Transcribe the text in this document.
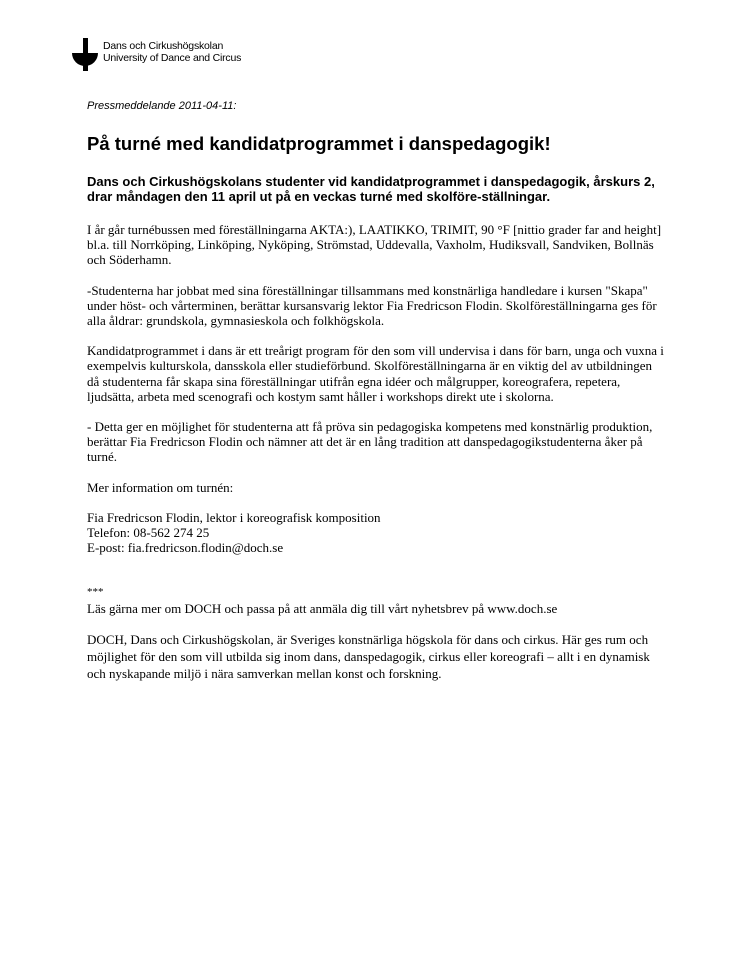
Dans och Cirkushögskolan
University of Dance and Circus

Pressmeddelande 2011-04-11:

På turné med kandidatprogrammet i danspedagogik!

Dans och Cirkushögskolans studenter vid kandidatprogrammet i danspedagogik, årskurs 2, drar måndagen den 11 april ut på en veckas turné med skolföre-ställningar.

I år går turnébussen med föreställningarna AKTA:), LAATIKKO, TRIMIT, 90 °F [nittio grader far and height] bl.a. till Norrköping, Linköping, Nyköping, Strömstad, Uddevalla, Vaxholm, Hudiksvall, Sandviken, Bollnäs och Söderhamn.

-Studenterna har jobbat med sina föreställningar tillsammans med konstnärliga handledare i kursen "Skapa" under höst- och vårterminen, berättar kursansvarig lektor Fia Fredricson Flodin. Skolföreställningarna ges för alla åldrar: grundskola, gymnasieskola och folkhögskola.

Kandidatprogrammet i dans är ett treårigt program för den som vill undervisa i dans för barn, unga och vuxna i exempelvis kulturskola, dansskola eller studieförbund. Skolföreställningarna är en viktig del av utbildningen då studenterna får skapa sina föreställningar utifrån egna idéer och målgrupper, koreografera, repetera, ljudsätta, arbeta med scenografi och kostym samt håller i workshops direkt ute i skolorna.

- Detta ger en möjlighet för studenterna att få pröva sin pedagogiska kompetens med konstnärlig produktion, berättar Fia Fredricson Flodin och nämner att det är en lång tradition att danspedagogikstudenterna åker på turné.

Mer information om turnén:

Fia Fredricson Flodin, lektor i koreografisk komposition

Telefon: 08-562 274 25

E-post: fia.fredricson.flodin@doch.se

***

Läs gärna mer om DOCH och passa på att anmäla dig till vårt nyhetsbrev på www.doch.se

DOCH, Dans och Cirkushögskolan, är Sveriges konstnärliga högskola för dans och cirkus. Här ges rum och möjlighet för den som vill utbilda sig inom dans, danspedagogik, cirkus eller koreografi – allt i en dynamisk och nyskapande miljö i nära samverkan mellan konst och forskning.
